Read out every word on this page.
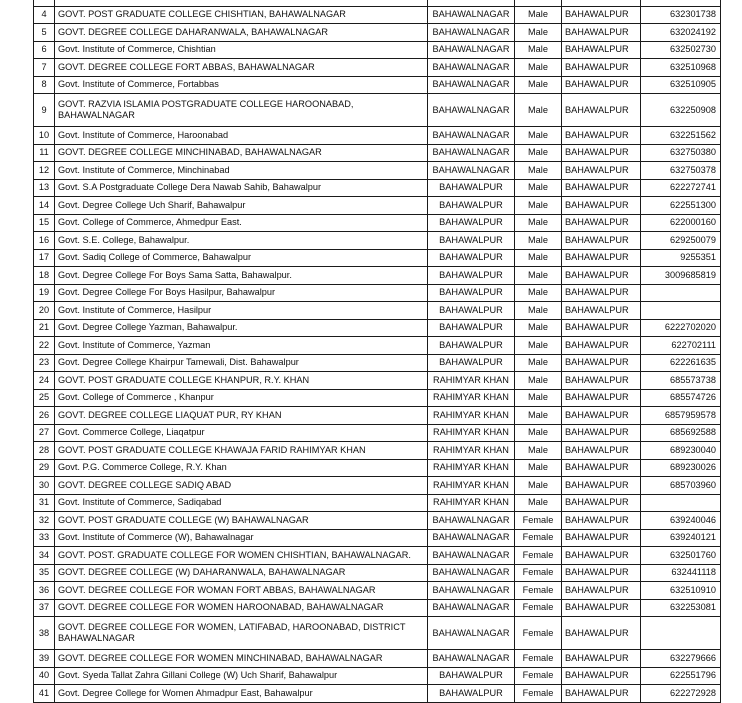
4	GOVT. POST GRADUATE COLLEGE CHISHTIAN, BAHAWALNAGAR	BAHAWALNAGAR	Male	BAHAWALPUR	632301738
5	GOVT. DEGREE COLLEGE DAHARANWALA, BAHAWALNAGAR	BAHAWALNAGAR	Male	BAHAWALPUR	632024192
6	Govt. Institute of Commerce, Chishtian	BAHAWALNAGAR	Male	BAHAWALPUR	632502730
7	GOVT. DEGREE COLLEGE FORT ABBAS, BAHAWALNAGAR	BAHAWALNAGAR	Male	BAHAWALPUR	632510968
8	Govt. Institute of Commerce, Fortabbas	BAHAWALNAGAR	Male	BAHAWALPUR	632510905
9	GOVT. RAZVIA ISLAMIA POSTGRADUATE COLLEGE HAROONABAD, BAHAWALNAGAR	BAHAWALNAGAR	Male	BAHAWALPUR	632250908
10	Govt. Institute of Commerce, Haroonabad	BAHAWALNAGAR	Male	BAHAWALPUR	632251562
11	GOVT. DEGREE COLLEGE MINCHINABAD, BAHAWALNAGAR	BAHAWALNAGAR	Male	BAHAWALPUR	632750380
12	Govt. Institute of Commerce, Minchinabad	BAHAWALNAGAR	Male	BAHAWALPUR	632750378
13	Govt. S.A Postgraduate College Dera Nawab Sahib, Bahawalpur	BAHAWALPUR	Male	BAHAWALPUR	622272741
14	Govt. Degree College Uch Sharif, Bahawalpur	BAHAWALPUR	Male	BAHAWALPUR	622551300
15	Govt. College of Commerce, Ahmedpur East.	BAHAWALPUR	Male	BAHAWALPUR	622000160
16	Govt. S.E. College, Bahawalpur.	BAHAWALPUR	Male	BAHAWALPUR	629250079
17	Govt. Sadiq College of Commerce, Bahawalpur	BAHAWALPUR	Male	BAHAWALPUR	9255351
18	Govt. Degree College For Boys Sama Satta, Bahawalpur.	BAHAWALPUR	Male	BAHAWALPUR	3009685819
19	Govt. Degree College For Boys Hasilpur, Bahawalpur	BAHAWALPUR	Male	BAHAWALPUR	
20	Govt. Institute of Commerce, Hasilpur	BAHAWALPUR	Male	BAHAWALPUR	
21	Govt. Degree College Yazman, Bahawalpur.	BAHAWALPUR	Male	BAHAWALPUR	6222702020
22	Govt. Institute of Commerce, Yazman	BAHAWALPUR	Male	BAHAWALPUR	622702111
23	Govt. Degree College Khairpur Tamewali, Dist. Bahawalpur	BAHAWALPUR	Male	BAHAWALPUR	622261635
24	GOVT. POST GRADUATE COLLEGE KHANPUR, R.Y. KHAN	RAHIMYAR KHAN	Male	BAHAWALPUR	685573738
25	Govt. College of Commerce , Khanpur	RAHIMYAR KHAN	Male	BAHAWALPUR	685574726
26	GOVT. DEGREE COLLEGE LIAQUAT PUR, RY KHAN	RAHIMYAR KHAN	Male	BAHAWALPUR	6857959578
27	Govt. Commerce College, Liaqatpur	RAHIMYAR KHAN	Male	BAHAWALPUR	685692588
28	GOVT. POST GRADUATE COLLEGE KHAWAJA FARID RAHIMYAR KHAN	RAHIMYAR KHAN	Male	BAHAWALPUR	689230040
29	Govt. P.G. Commerce College, R.Y. Khan	RAHIMYAR KHAN	Male	BAHAWALPUR	689230026
30	GOVT. DEGREE COLLEGE SADIQ ABAD	RAHIMYAR KHAN	Male	BAHAWALPUR	685703960
31	Govt. Institute of Commerce, Sadiqabad	RAHIMYAR KHAN	Male	BAHAWALPUR	
32	GOVT. POST GRADUATE COLLEGE (W) BAHAWALNAGAR	BAHAWALNAGAR	Female	BAHAWALPUR	639240046
33	Govt. Institute of Commerce (W), Bahawalnagar	BAHAWALNAGAR	Female	BAHAWALPUR	639240121
34	GOVT. POST. GRADUATE COLLEGE FOR WOMEN CHISHTIAN, BAHAWALNAGAR.	BAHAWALNAGAR	Female	BAHAWALPUR	632501760
35	GOVT. DEGREE COLLEGE (W) DAHARANWALA, BAHAWALNAGAR	BAHAWALNAGAR	Female	BAHAWALPUR	632441118
36	GOVT. DEGREE COLLEGE FOR WOMAN FORT ABBAS, BAHAWALNAGAR	BAHAWALNAGAR	Female	BAHAWALPUR	632510910
37	GOVT. DEGREE COLLEGE FOR WOMEN HAROONABAD, BAHAWALNAGAR	BAHAWALNAGAR	Female	BAHAWALPUR	632253081
38	GOVT. DEGREE COLLEGE FOR WOMEN, LATIFABAD, HAROONABAD, DISTRICT BAHAWALNAGAR	BAHAWALNAGAR	Female	BAHAWALPUR	
39	GOVT. DEGREE COLLEGE FOR WOMEN MINCHINABAD, BAHAWALNAGAR	BAHAWALNAGAR	Female	BAHAWALPUR	632279666
40	Govt. Syeda Tallat Zahra Gillani College (W) Uch Sharif, Bahawalpur	BAHAWALPUR	Female	BAHAWALPUR	622551796
41	Govt. Degree College for Women Ahmadpur East, Bahawalpur	BAHAWALPUR	Female	BAHAWALPUR	622272928
